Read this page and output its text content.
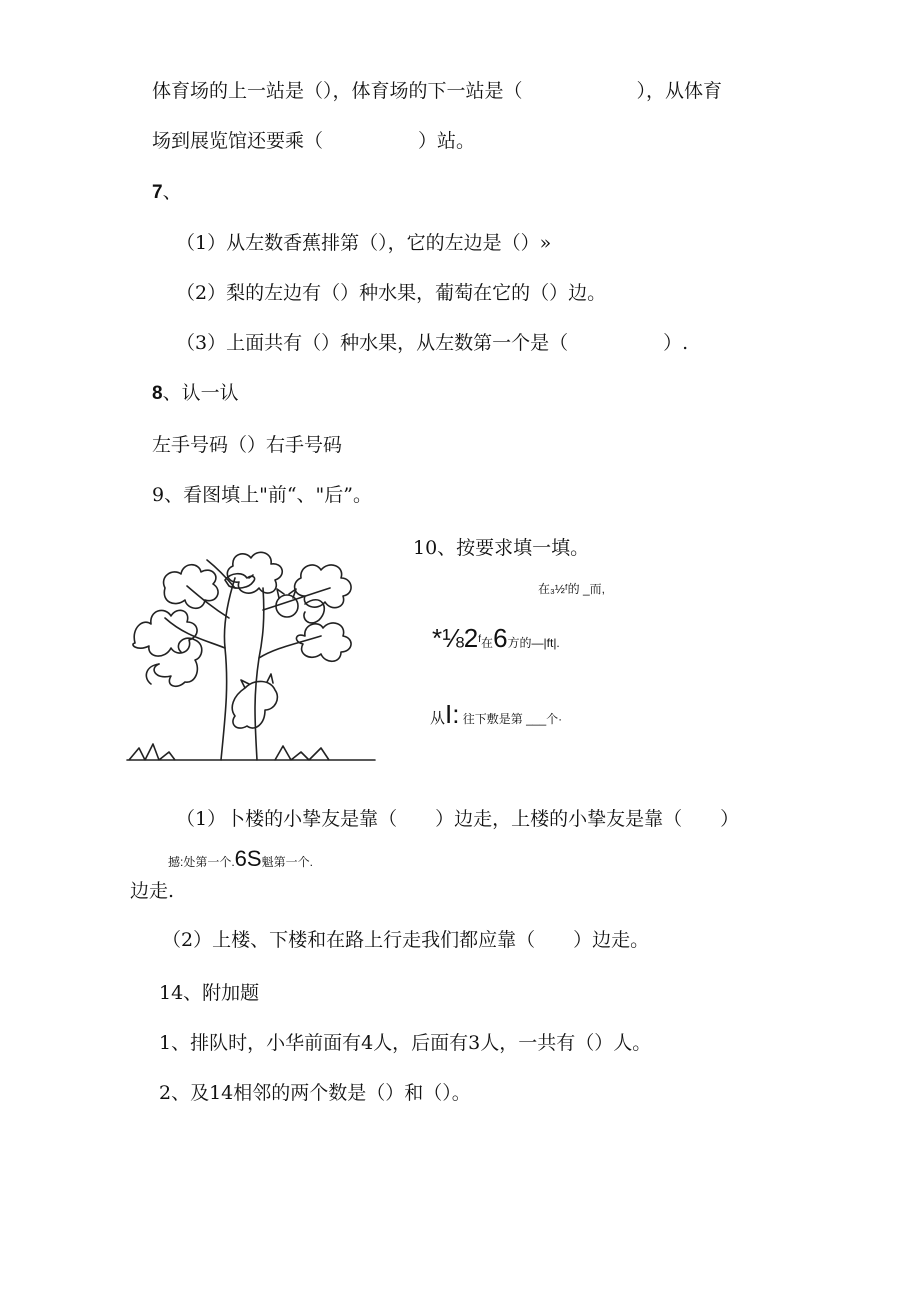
体育场的上一站是（），体育场的下一站是（　　　　　　），从体育
场到展览馆还要乘（　　　　　）站。
7、
（1）从左数香蕉排第（），它的左边是（）»
（2）梨的左边有（）种水果，葡萄在它的（）边。
（3）上面共有（）种水果，从左数第一个是（　　　　　）.
8、认一认
左手号码（）右手号码
9、看图填上"前“、"后”。
10、按要求填一填。
在₃½ᶠ的 _而,
*⅛2$^f$在6方的—|ft|.
从I: 往下敷是第 ___个·
（1）卜楼的小挚友是靠（　　）边走，上楼的小挚友是靠（　　）
撼:处第一个.6S魁第一个.
边走.
（2）上楼、下楼和在路上行走我们都应靠（　　）边走。
14、附加题
1、排队时，小华前面有4人，后面有3人，一共有（）人。
2、及14相邻的两个数是（）和（）。
